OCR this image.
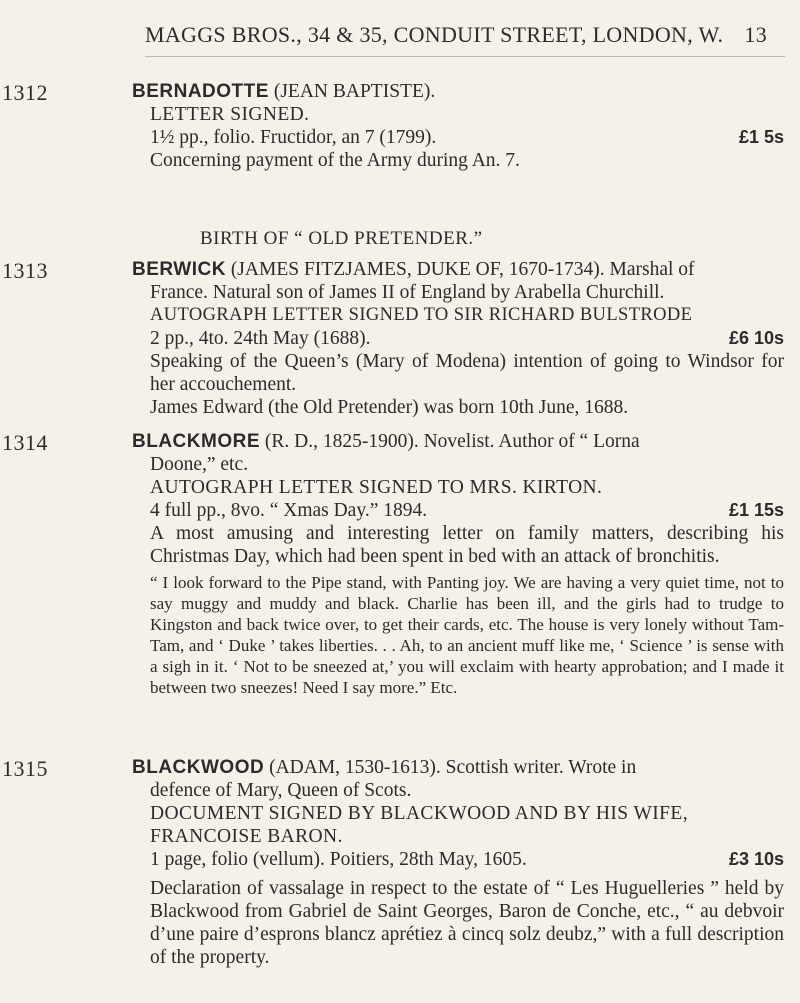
MAGGS BROS., 34 & 35, CONDUIT STREET, LONDON, W. 13
1312	BERNADOTTE (JEAN BAPTISTE).

LETTER SIGNED.

1½ pp., folio. Fructidor, an 7 (1799).	£1 5s

Concerning payment of the Army during An. 7.

BIRTH OF “ OLD PRETENDER.”
1313	BERWICK (JAMES FITZJAMES, DUKE OF, 1670-1734). Marshal of

France. Natural son of James II of England by Arabella Churchill.

AUTOGRAPH LETTER SIGNED TO SIR RICHARD BULSTRODE

2 pp., 4to. 24th May (1688).	£6 10s

Speaking of the Queen’s (Mary of Modena) intention of going to Windsor for her accouchement.

James Edward (the Old Pretender) was born 10th June, 1688.

1314	BLACKMORE (R. D., 1825-1900). Novelist. Author of “ Lorna

Doone,” etc.

AUTOGRAPH LETTER SIGNED TO MRS. KIRTON.

4 full pp., 8vo. “ Xmas Day.” 1894.	£1 15s

A most amusing and interesting letter on family matters, describing his Christmas Day, which had been spent in bed with an attack of bronchitis.

“ I look forward to the Pipe stand, with Panting joy. We are having a very quiet time, not to say muggy and muddy and black. Charlie has been ill, and the girls had to trudge to Kingston and back twice over, to get their cards, etc. The house is very lonely without Tam-Tam, and ‘ Duke ’ takes liberties. . . Ah, to an ancient muff like me, ‘ Science ’ is sense with a sigh in it. ‘ Not to be sneezed at,’ you will exclaim with hearty approbation; and I made it between two sneezes! Need I say more.” Etc.

1315	BLACKWOOD (ADAM, 1530-1613). Scottish writer. Wrote in

defence of Mary, Queen of Scots.

DOCUMENT SIGNED BY BLACKWOOD AND BY HIS WIFE, FRANCOISE BARON.

1 page, folio (vellum). Poitiers, 28th May, 1605.	£3 10s

Declaration of vassalage in respect to the estate of “ Les Huguelleries ” held by Blackwood from Gabriel de Saint Georges, Baron de Conche, etc., “ au debvoir d’une paire d’esprons blancz aprétiez à cincq solz deubz,” with a full description of the property.
